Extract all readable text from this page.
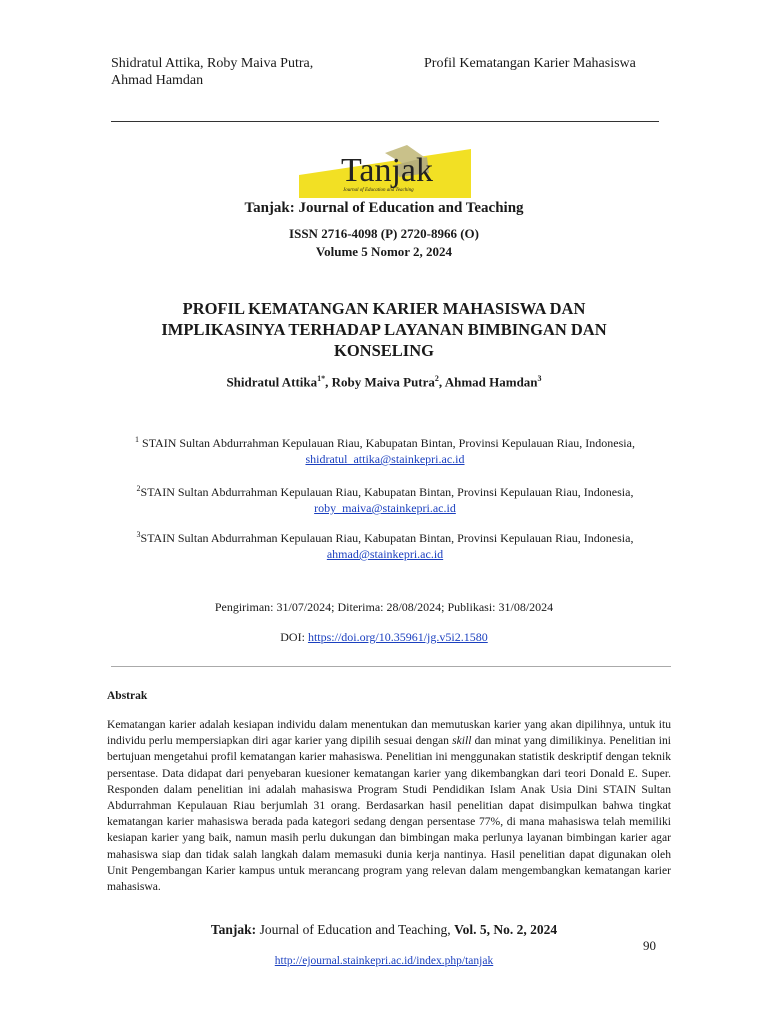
Shidratul Attika, Roby Maiva Putra, Ahmad Hamdan
Profil Kematangan Karier Mahasiswa
Tanjak
Journal of Education and Teaching
Tanjak: Journal of Education and Teaching
ISSN 2716-4098 (P) 2720-8966 (O)
Volume 5 Nomor 2, 2024
PROFIL KEMATANGAN KARIER MAHASISWA DAN IMPLIKASINYA TERHADAP LAYANAN BIMBINGAN DAN KONSELING
Shidratul Attika$^{1*}$, Roby Maiva Putra$^2$, Ahmad Hamdan$^3$
$^1$ STAIN Sultan Abdurrahman Kepulauan Riau, Kabupatan Bintan, Provinsi Kepulauan Riau, Indonesia,
shidratul_attika@stainkepri.ac.id
$^2$STAIN Sultan Abdurrahman Kepulauan Riau, Kabupatan Bintan, Provinsi Kepulauan Riau, Indonesia,
roby_maiva@stainkepri.ac.id
$^3$STAIN Sultan Abdurrahman Kepulauan Riau, Kabupatan Bintan, Provinsi Kepulauan Riau, Indonesia,
ahmad@stainkepri.ac.id
Pengiriman: 31/07/2024; Diterima: 28/08/2024; Publikasi: 31/08/2024
DOI: https://doi.org/10.35961/jg.v5i2.1580
Abstrak
Kematangan karier adalah kesiapan individu dalam menentukan dan memutuskan karier yang akan dipilihnya, untuk itu individu perlu mempersiapkan diri agar karier yang dipilih sesuai dengan skill dan minat yang dimilikinya. Penelitian ini bertujuan mengetahui profil kematangan karier mahasiswa. Penelitian ini menggunakan statistik deskriptif dengan teknik persentase. Data didapat dari penyebaran kuesioner kematangan karier yang dikembangkan dari teori Donald E. Super. Responden dalam penelitian ini adalah mahasiswa Program Studi Pendidikan Islam Anak Usia Dini STAIN Sultan Abdurrahman Kepulauan Riau berjumlah 31 orang. Berdasarkan hasil penelitian dapat disimpulkan bahwa tingkat kematangan karier mahasiswa berada pada kategori sedang dengan persentase 77%, di mana mahasiswa telah memiliki kesiapan karier yang baik, namun masih perlu dukungan dan bimbingan maka perlunya layanan bimbingan karier agar mahasiswa siap dan tidak salah langkah dalam memasuki dunia kerja nantinya. Hasil penelitian dapat digunakan oleh Unit Pengembangan Karier kampus untuk merancang program yang relevan dalam mengembangkan kematangan karier mahasiswa.
Tanjak: Journal of Education and Teaching, Vol. 5, No. 2, 2024
90
http://ejournal.stainkepri.ac.id/index.php/tanjak
